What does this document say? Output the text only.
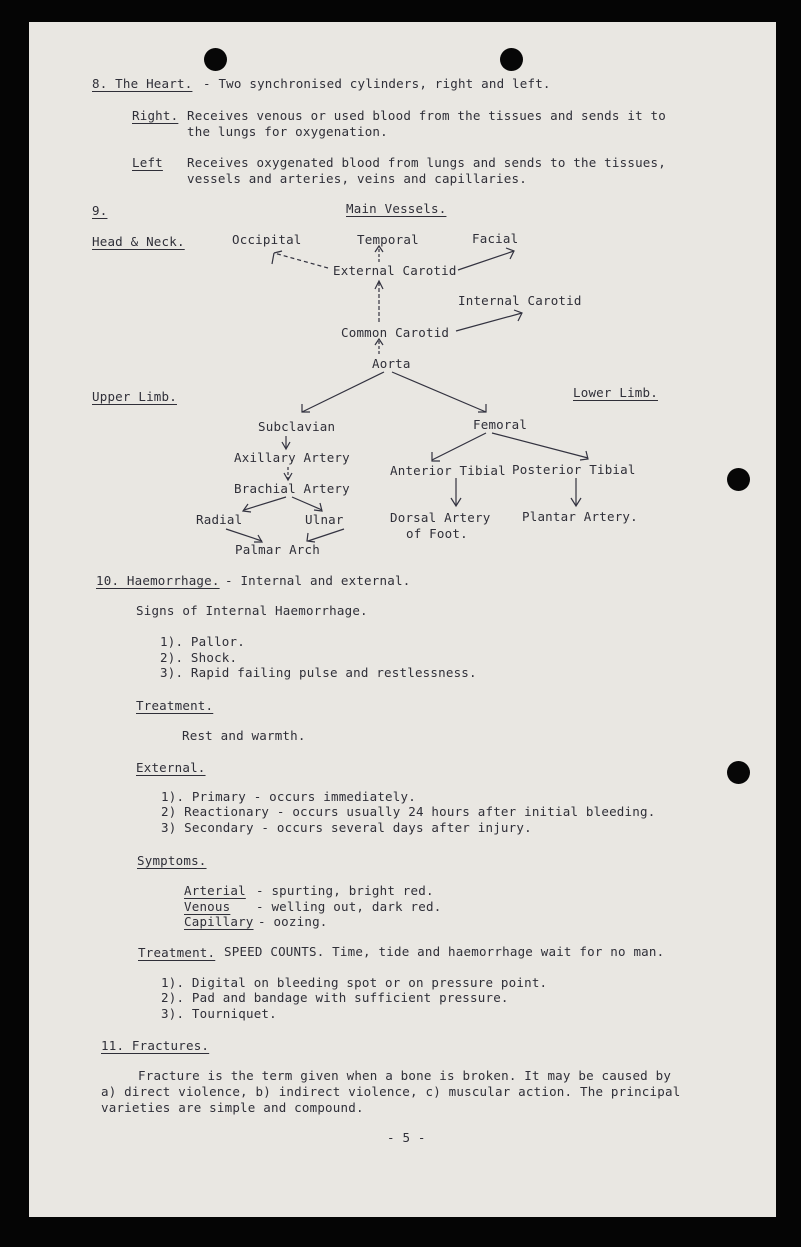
8. The Heart. - Two synchronised cylinders, right and left.
Right. Receives venous or used blood from the tissues and sends it to
the lungs for oxygenation.
Left Receives oxygenated blood from lungs and sends to the tissues,
vessels and arteries, veins and capillaries.
9.	Main Vessels.
Head & Neck.	Occipital	Temporal	Facial
External Carotid
Internal Carotid
Common Carotid
Aorta
Upper Limb.	Lower Limb.
Subclavian	Femoral
Axillary Artery
Brachial Artery
Radial	Ulnar
Palmar Arch
Anterior Tibial Posterior Tibial
Dorsal Artery
of Foot.
Plantar Artery.
10. Haemorrhage. - Internal and external.
Signs of Internal Haemorrhage.
1). Pallor.
2). Shock.
3). Rapid failing pulse and restlessness.
Treatment.
Rest and warmth.
External.
1). Primary - occurs immediately.
2) Reactionary - occurs usually 24 hours after initial bleeding.
3) Secondary - occurs several days after injury.
Symptoms.
Arterial - spurting, bright red.
Venous - welling out, dark red.
Capillary - oozing.
Treatment. SPEED COUNTS. Time, tide and haemorrhage wait for no man.
1). Digital on bleeding spot or on pressure point.
2). Pad and bandage with sufficient pressure.
3). Tourniquet.
11. Fractures.
Fracture is the term given when a bone is broken. It may be caused by
a) direct violence, b) indirect violence, c) muscular action. The principal
varieties are simple and compound.
- 5 -
